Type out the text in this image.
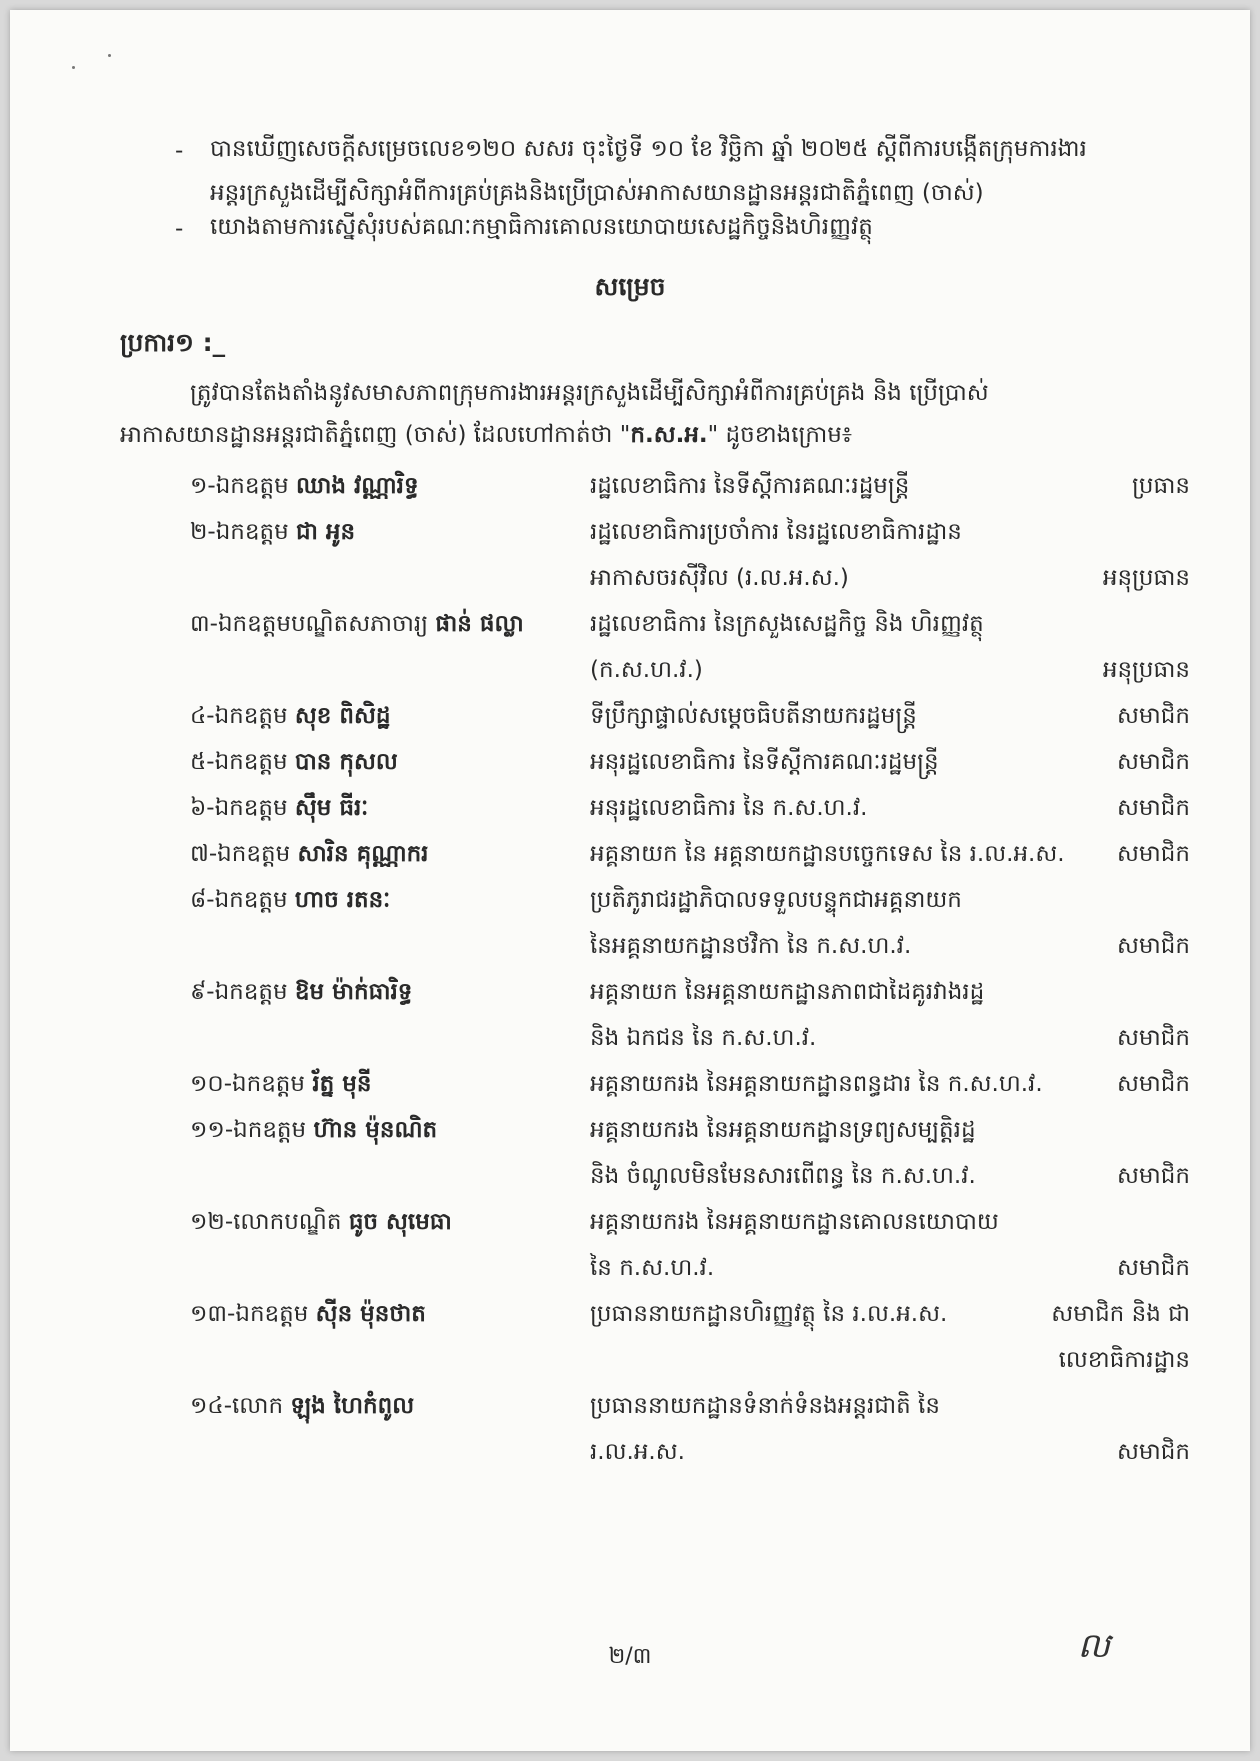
- បានឃើញសេចក្តីសម្រេចលេខ១២០ សសរ ចុះថ្ងៃទី ១០ ខែ វិច្ឆិកា ឆ្នាំ ២០២៥ ស្តីពីការបង្កើតក្រុមការងារ
អន្តរក្រសួងដើម្បីសិក្សាអំពីការគ្រប់គ្រងនិងប្រើប្រាស់អាកាសយានដ្ឋានអន្តរជាតិភ្នំពេញ (ចាស់)
- យោងតាមការស្នើសុំរបស់គណៈកម្មាធិការគោលនយោបាយសេដ្ឋកិច្ចនិងហិរញ្ញវត្ថុ
សម្រេច
ប្រការ១ :_
ត្រូវបានតែងតាំងនូវសមាសភាពក្រុមការងារអន្តរក្រសួងដើម្បីសិក្សាអំពីការគ្រប់គ្រង និង ប្រើប្រាស់
អាកាសយានដ្ឋានអន្តរជាតិភ្នំពេញ (ចាស់) ដែលហៅកាត់ថា "ក.ស.អ." ដូចខាងក្រោម៖
១-ឯកឧត្តម ឈាង វណ្ណារិទ្ធ	រដ្ឋលេខាធិការ នៃទីស្តីការគណៈរដ្ឋមន្ត្រី	ប្រធាន
២-ឯកឧត្តម ជា អូន	រដ្ឋលេខាធិការប្រចាំការ នៃរដ្ឋលេខាធិការដ្ឋាន
អាកាសចរស៊ីវិល (រ.ល.អ.ស.)	អនុប្រធាន
៣-ឯកឧត្តមបណ្ឌិតសភាចារ្យ ផាន់ ផល្លា	រដ្ឋលេខាធិការ នៃក្រសួងសេដ្ឋកិច្ច និង ហិរញ្ញវត្ថុ
(ក.ស.ហ.វ.)	អនុប្រធាន
៤-ឯកឧត្តម សុខ ពិសិដ្ឋ	ទីប្រឹក្សាផ្ទាល់សម្តេចធិបតីនាយករដ្ឋមន្ត្រី	សមាជិក
៥-ឯកឧត្តម បាន កុសល	អនុរដ្ឋលេខាធិការ នៃទីស្តីការគណៈរដ្ឋមន្ត្រី	សមាជិក
៦-ឯកឧត្តម ស៊ឹម ធីរៈ	អនុរដ្ឋលេខាធិការ នៃ ក.ស.ហ.វ.	សមាជិក
៧-ឯកឧត្តម សារិន គុណ្ណាករ	អគ្គនាយក នៃ អគ្គនាយកដ្ឋានបច្ចេកទេស នៃ រ.ល.អ.ស. សមាជិក
៨-ឯកឧត្តម ហាច រតនៈ	ប្រតិភូរាជរដ្ឋាភិបាលទទួលបន្ទុកជាអគ្គនាយក
នៃអគ្គនាយកដ្ឋានថវិកា នៃ ក.ស.ហ.វ.	សមាជិក
៩-ឯកឧត្តម ឱម ម៉ាក់ធារិទ្ធ	អគ្គនាយក នៃអគ្គនាយកដ្ឋានភាពជាដៃគូរវាងរដ្ឋ
និង ឯកជន នៃ ក.ស.ហ.វ.	សមាជិក
១០-ឯកឧត្តម រ័ត្ន មុនី	អគ្គនាយករង នៃអគ្គនាយកដ្ឋានពន្ធដារ នៃ ក.ស.ហ.វ.	សមាជិក
១១-ឯកឧត្តម ហ៊ាន ម៉ុនណិត	អគ្គនាយករង នៃអគ្គនាយកដ្ឋានទ្រព្យសម្បត្តិរដ្ឋ
និង ចំណូលមិនមែនសារពើពន្ធ នៃ ក.ស.ហ.វ.	សមាជិក
១២-លោកបណ្ឌិត ធូច សុមេធា	អគ្គនាយករង នៃអគ្គនាយកដ្ឋានគោលនយោបាយ
នៃ ក.ស.ហ.វ.	សមាជិក
១៣-ឯកឧត្តម ស៊ីន ម៉ុនថាត	ប្រធាននាយកដ្ឋានហិរញ្ញវត្ថុ នៃ រ.ល.អ.ស.	សមាជិក និង ជា
លេខាធិការដ្ឋាន
១៤-លោក ឡុង ហៃកំពូល	ប្រធាននាយកដ្ឋានទំនាក់ទំនងអន្តរជាតិ នៃ
រ.ល.អ.ស.	សមាជិក
២/៣	ល
